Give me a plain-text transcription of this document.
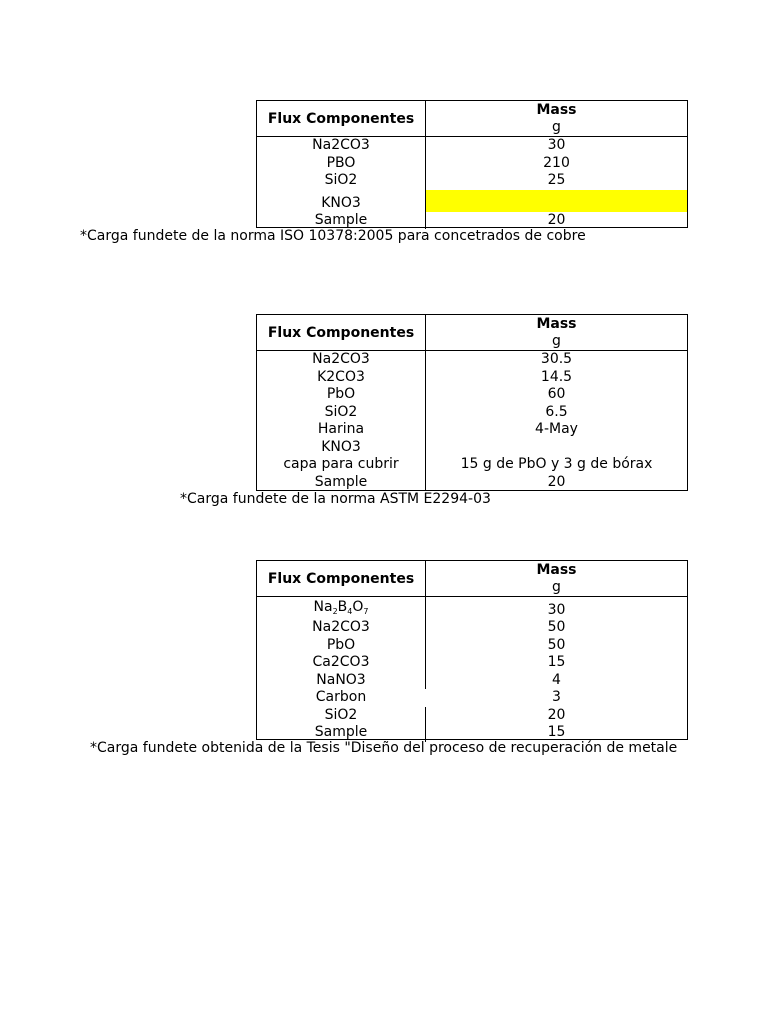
Flux Componentes
Mass
g
Na2CO3	30
PBO	210
SiO2	25
KNO3
Sample	20
*Carga fundete de la norma ISO 10378:2005 para concetrados de cobre
Flux Componentes
Mass
g
Na2CO3	30.5
K2CO3	14.5
PbO	60
SiO2	6.5
Harina	4-May
KNO3
capa para cubrir	15 g de PbO y 3 g de bórax
Sample	20
*Carga fundete de la norma ASTM E2294-03
Flux Componentes
Mass
g
$Na_2B_4O_7$	30
Na2CO3	50
PbO	50
Ca2CO3	15
NaNO3	4
Carbon	3
SiO2	20
Sample	15
*Carga fundete obtenida de la Tesis "Diseño del proceso de recuperación de metale
